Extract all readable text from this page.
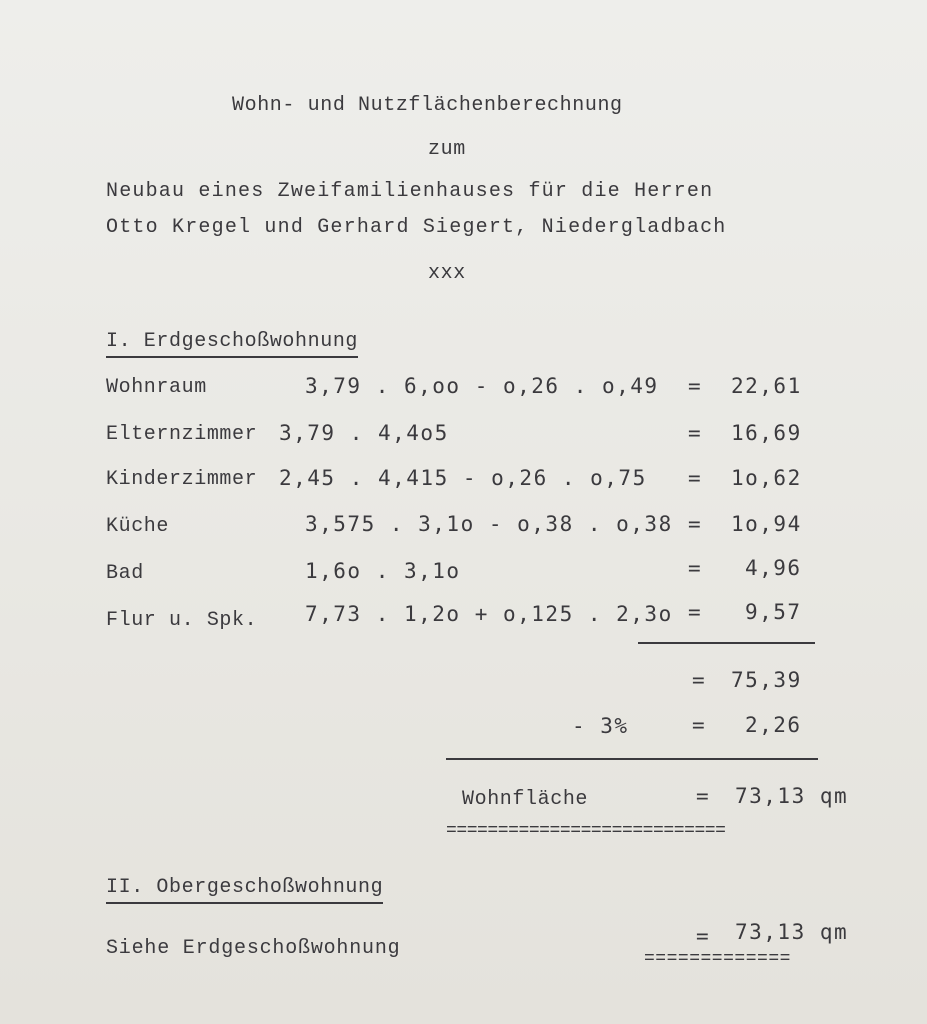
Wohn- und Nutzflächenberechnung
zum
Neubau eines Zweifamilienhauses für die Herren
Otto Kregel und Gerhard Siegert, Niedergladbach
xxx
I. Erdgeschoßwohnung
Wohnraum	3,79 . 6,oo - o,26 . o,49 = 22,61
Elternzimmer 3,79 . 4,4o5	= 16,69
Kinderzimmer 2,45 . 4,415 - o,26 . o,75 = 1o,62
Küche	3,575 . 3,1o - o,38 . o,38 = 1o,94
Bad	1,6o . 3,1o	= 4,96
Flur u. Spk. 7,73 . 1,2o + o,125 . 2,3o = 9,57
= 75,39
- 3%	= 2,26
Wohnfläche	= 73,13 qm
===========================
II. Obergeschoßwohnung
Siehe Erdgeschoßwohnung
= 73,13 qm
=============
